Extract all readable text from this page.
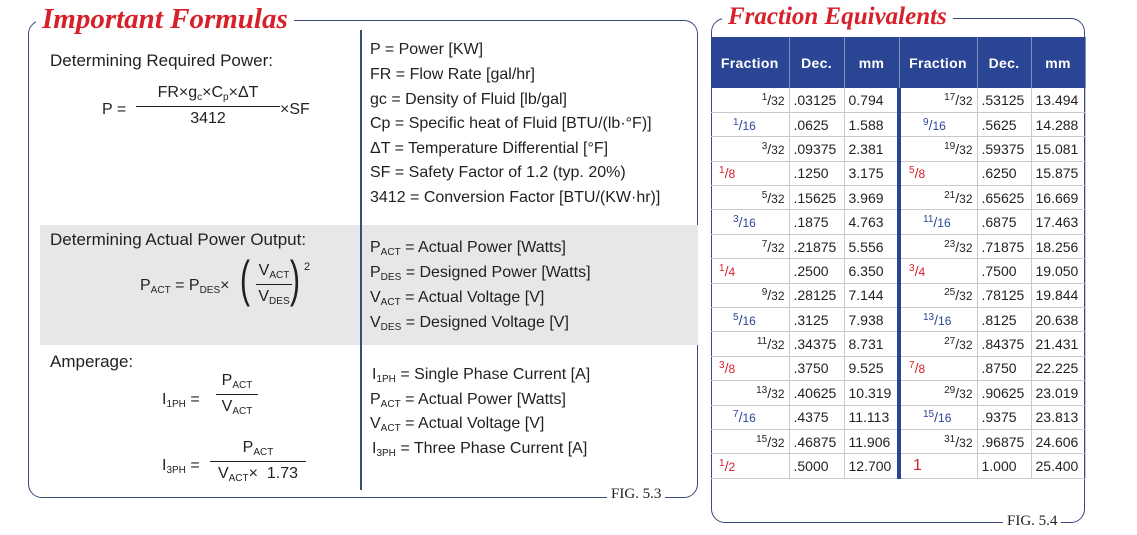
Important Formulas
Determining Required Power:
P =
$FR\times g_c\times C_p\times\Delta T$
3412
×SF
P = Power [KW]
FR = Flow Rate [gal/hr]
gc = Density of Fluid [lb/gal]
Cp = Specific heat of Fluid [BTU/(lb·°F)]
ΔT = Temperature Differential [°F]
SF = Safety Factor of 1.2 (typ. 20%)
3412 = Conversion Factor [BTU/(KW·hr)]
Determining Actual Power Output:
$P_{ACT} = P_{DES}\times$ ( $V_{ACT}$
$V_{DES}$ ) 2
Amperage:
$I_{1PH}$ =
$P_{ACT}$
$V_{ACT}$
$I_{3PH}$ =
$P_{ACT}$
$V_{ACT}\times 1.73$
$P_{ACT}$ = Actual Power [Watts]
$P_{DES}$ = Designed Power [Watts]
$V_{ACT}$ = Actual Voltage [V]
$V_{DES}$ = Designed Voltage [V]
$I_{1PH}$ = Single Phase Current [A]
$P_{ACT}$ = Actual Power [Watts]
$V_{ACT}$ = Actual Voltage [V]
$I_{3PH}$ = Three Phase Current [A]
FIG. 5.3
Fraction Equivalents
Fraction	Dec.	mm	Fraction	Dec.	mm
$^1$/32	.03125	0.794	$^{17}$/32	.53125	13.494
$^1$/16	.0625	1.588	$^9$/16	.5625	14.288
$^3$/32	.09375	2.381	$^{19}$/32	.59375	15.081
$^1$/8	.1250	3.175	$^5$/8	.6250	15.875
$^5$/32	.15625	3.969	$^{21}$/32	.65625	16.669
$^3$/16	.1875	4.763	$^{11}$/16	.6875	17.463
$^7$/32	.21875	5.556	$^{23}$/32	.71875	18.256
$^1$/4	.2500	6.350	$^3$/4	.7500	19.050
$^9$/32	.28125	7.144	$^{25}$/32	.78125	19.844
$^5$/16	.3125	7.938	$^{13}$/16	.8125	20.638
$^{11}$/32	.34375	8.731	$^{27}$/32	.84375	21.431
$^3$/8	.3750	9.525	$^7$/8	.8750	22.225
$^{13}$/32	.40625	10.319	$^{29}$/32	.90625	23.019
$^7$/16	.4375	11.113	$^{15}$/16	.9375	23.813
$^{15}$/32	.46875	11.906	$^{31}$/32	.96875	24.606
$^1$/2	.5000	12.700	1	1.000	25.400
FIG. 5.4
